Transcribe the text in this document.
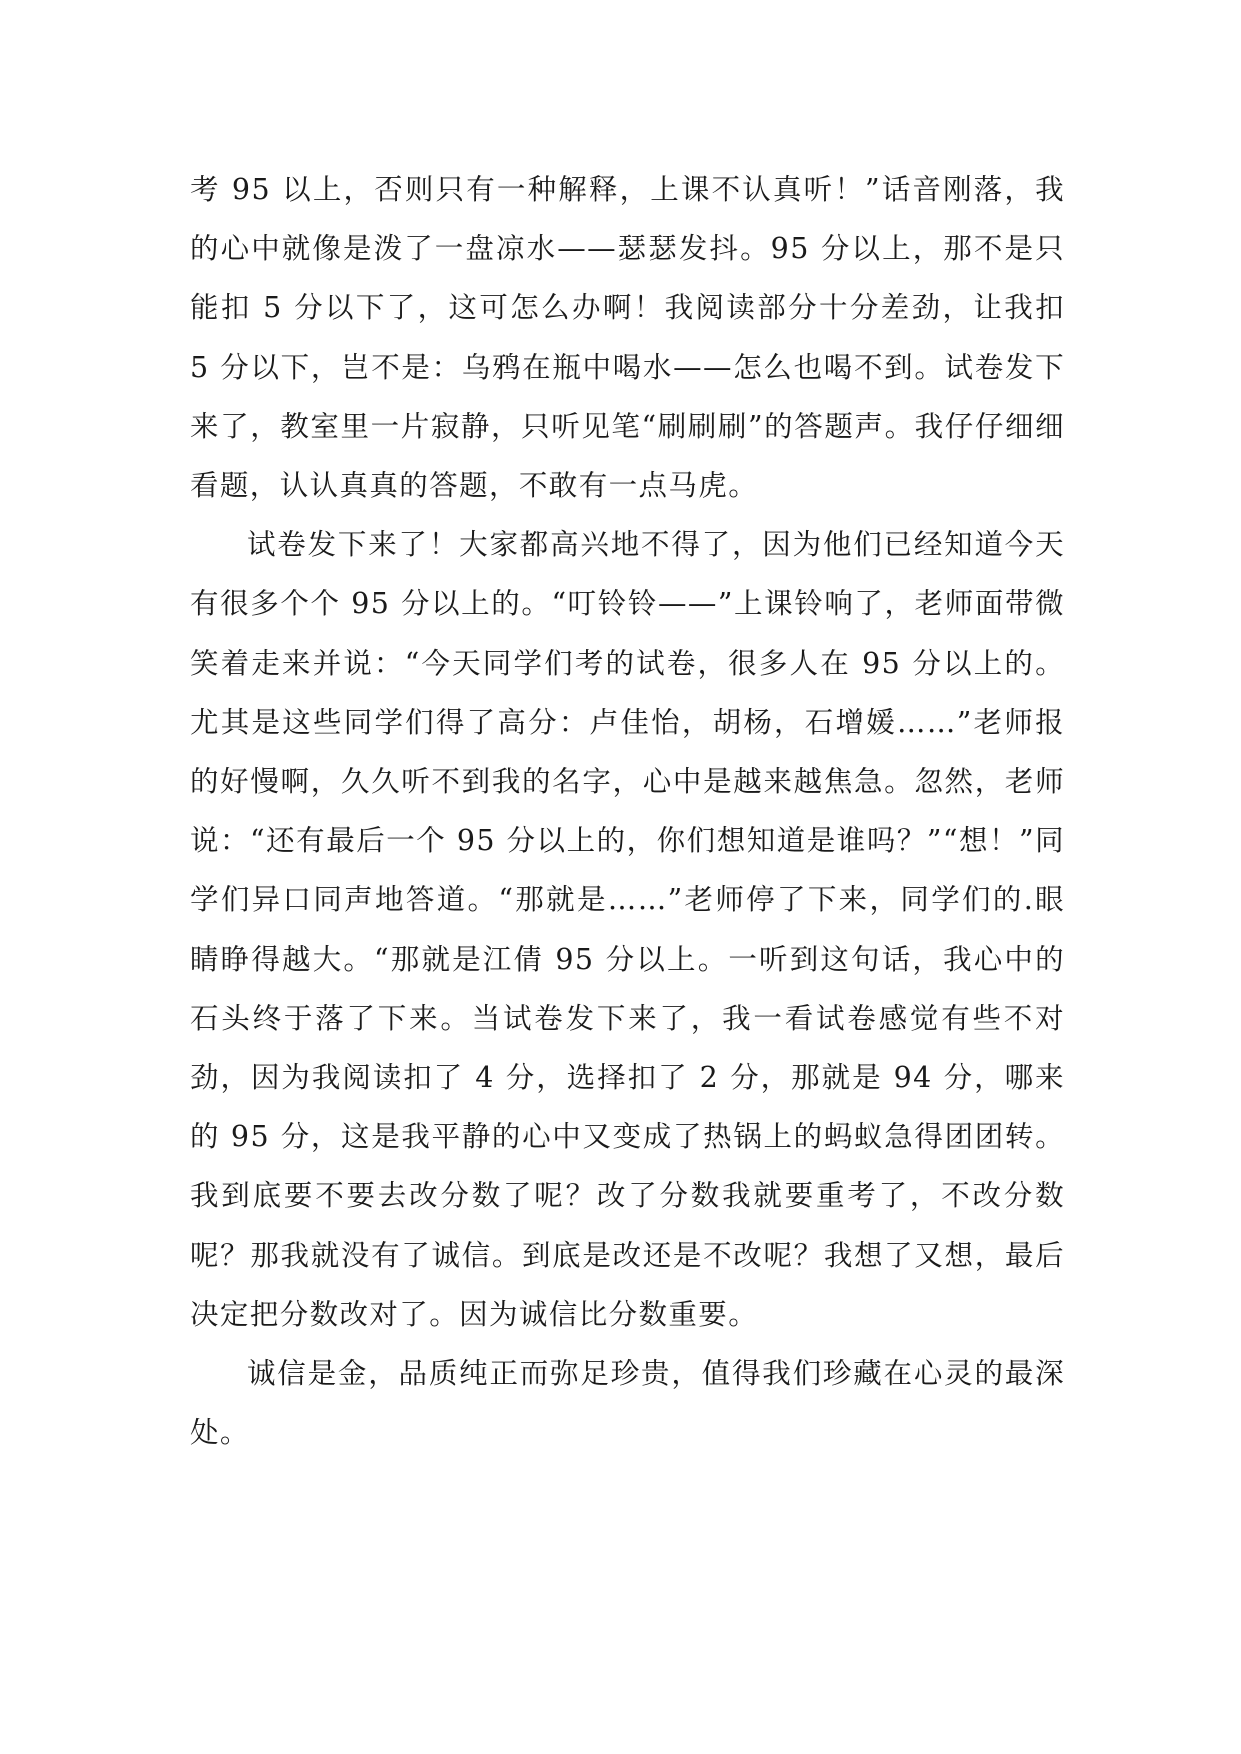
考 95 以上，否则只有一种解释，上课不认真听！”话音刚落，我的心中就像是泼了一盘凉水——瑟瑟发抖。95 分以上，那不是只能扣 5 分以下了，这可怎么办啊！我阅读部分十分差劲，让我扣 5 分以下，岂不是：乌鸦在瓶中喝水——怎么也喝不到。试卷发下来了，教室里一片寂静，只听见笔“刷刷刷”的答题声。我仔仔细细看题，认认真真的答题，不敢有一点马虎。

试卷发下来了！大家都高兴地不得了，因为他们已经知道今天有很多个个 95 分以上的。“叮铃铃——”上课铃响了，老师面带微笑着走来并说：“今天同学们考的试卷，很多人在 95 分以上的。尤其是这些同学们得了高分：卢佳怡，胡杨，石增媛……”老师报的好慢啊，久久听不到我的名字，心中是越来越焦急。忽然，老师说：“还有最后一个 95 分以上的，你们想知道是谁吗？”“想！”同学们异口同声地答道。“那就是……”老师停了下来，同学们的.眼睛睁得越大。“那就是江倩 95 分以上。一听到这句话，我心中的石头终于落了下来。当试卷发下来了，我一看试卷感觉有些不对劲，因为我阅读扣了 4 分，选择扣了 2 分，那就是 94 分，哪来的 95 分，这是我平静的心中又变成了热锅上的蚂蚁急得团团转。我到底要不要去改分数了呢？改了分数我就要重考了，不改分数呢？那我就没有了诚信。到底是改还是不改呢？我想了又想，最后决定把分数改对了。因为诚信比分数重要。

诚信是金，品质纯正而弥足珍贵，值得我们珍藏在心灵的最深处。
